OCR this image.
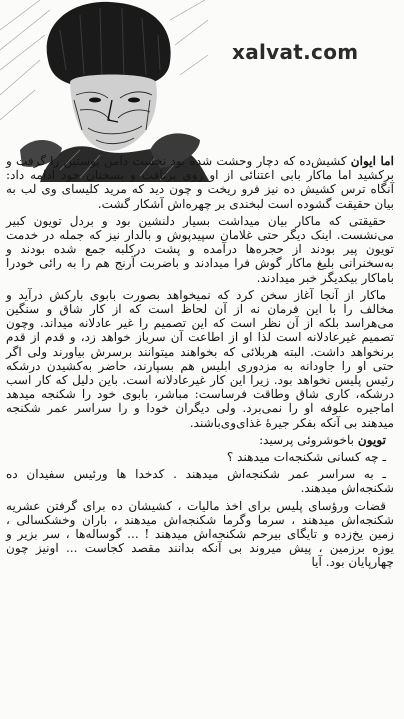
xalvat.com

اما ایوان کشیش‌ده که دچار وحشت شده بود نخست دامن پوستین را گرفت و برکشید اما ماکار بابی اعتنائی از او روی برتافت و بسخنان خود ادامه داد: آنگاه ترس کشیش ده نیز فرو ریخت و چون دید که مرید کلیسای وی لب به بیان حقیقت گشوده است لبخندی بر چهره‌اش آشکار گشت.

حقیقتی که ماکار بیان میداشت بسیار دلنشین بود و بردل تویون کبیر می‌نشست. اینک دیگر حتی غلامان سپیدپوش و بالدار نیز که جمله در خدمت تویون پیر بودند از حجره‌ها درآمده و پشت درکلبه جمع شده بودند و به‌سخنرانی بلیغ ماکار گوش فرا میدادند و باضربت آرنج هم را به رائی خودرا باماکار بیکدیگر خبر میدادند.

ماکار از آنجا آغاز سخن کرد که نمیخواهد بصورت بابوی بارکش درآید و مخالف را با این فرمان نه از آن لحاظ است که از کار شاق و سنگین می‌هراسد بلکه از آن نظر است که این تصمیم را غیر عادلانه میداند. وچون تصمیم غیرعادلانه است لذا او از اطاعت آن سرباز خواهد زد، و قدم از قدم برنخواهد داشت. البته هربلائی که بخواهند میتوانند برسرش بیاورند ولی اگر حتی او را جاودانه به مزدوری ابلیس هم بسپارند، حاضر به‌کشیدن درشکه رئیس پلیس نخواهد بود. زیرا این کار غیرعادلانه است. باین دلیل که کار اسب درشکه، کاری شاق وطاقت فرساست: مباشر، بابوی خود را شکنجه میدهد اماجیره علوفه او را نمی‌برد. ولی دیگران خودا و را سراسر عمر شکنجه میدهند بی آنکه بفکر جیرهٔ غذای‌وی‌باشند.

تویون باخوشروئی پرسید:

ـ چه کسانی شکنجه‌ات میدهند ؟

ـ به سراسر عمر شکنجه‌اش میدهند . کدخدا ها ورئیس سفیدان ده شکنجه‌اش میدهند.

قضات ورؤسای پلیس برای اخذ مالیات ، کشیشان ده برای گرفتن عشریه شکنجه‌اش میدهند ، سرما وگرما شکنجه‌اش میدهند ، باران وخشکسالی ، زمین یخ‌زده و تایگای بیرحم شکنجه‌اش میدهند ! ... گوساله‌ها ، سر بزیر و یوزه برزمین ، پیش میروند بی آنکه بدانند مقصد کجاست ... اونیز چون چهارپایان بود. آیا
